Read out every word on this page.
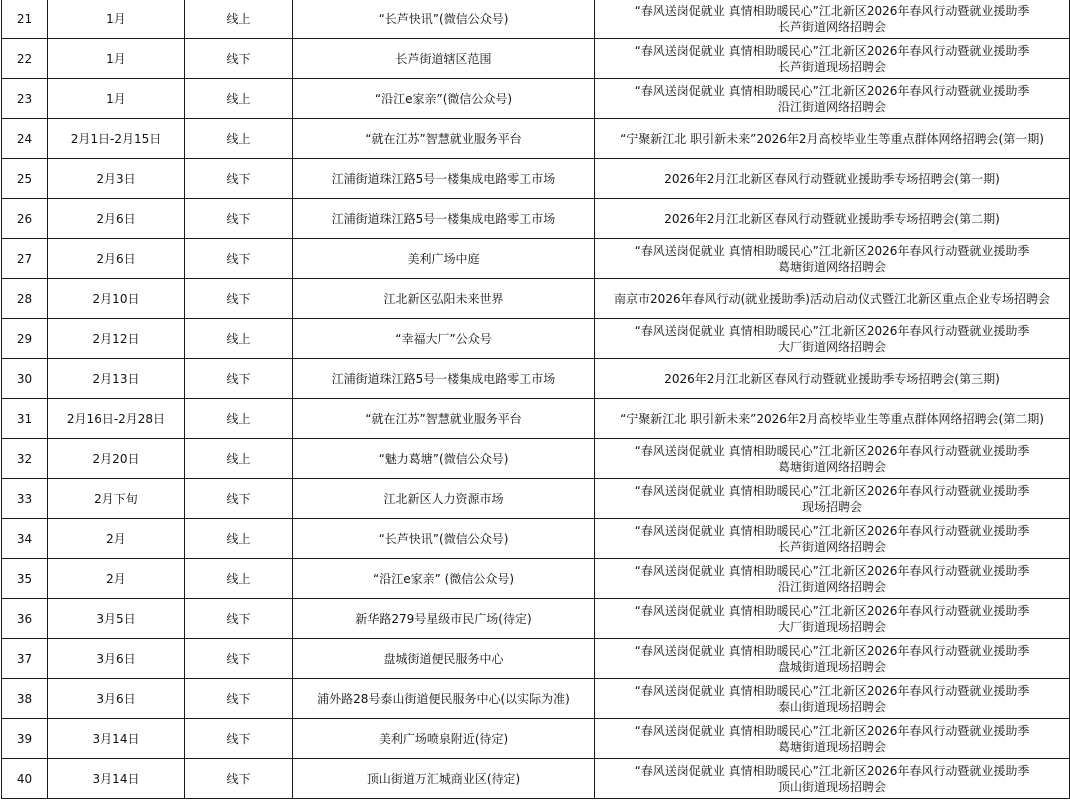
21	1月	线上	“长芦快讯”(微信公众号)	“春风送岗促就业 真情相助暖民心”江北新区2026年春风行动暨就业援助季
长芦街道网络招聘会

22	1月	线下	长芦街道辖区范围	“春风送岗促就业 真情相助暖民心”江北新区2026年春风行动暨就业援助季
长芦街道现场招聘会

23	1月	线上	“沿江e家亲”(微信公众号)	“春风送岗促就业 真情相助暖民心”江北新区2026年春风行动暨就业援助季
沿江街道网络招聘会

24	2月1日-2月15日	线上	“就在江苏”智慧就业服务平台	“宁聚新江北 职引新未来”2026年2月高校毕业生等重点群体网络招聘会(第一期)

25	2月3日	线下	江浦街道珠江路5号一楼集成电路零工市场	2026年2月江北新区春风行动暨就业援助季专场招聘会(第一期)

26	2月6日	线下	江浦街道珠江路5号一楼集成电路零工市场	2026年2月江北新区春风行动暨就业援助季专场招聘会(第二期)

27	2月6日	线下	美利广场中庭	“春风送岗促就业 真情相助暖民心”江北新区2026年春风行动暨就业援助季
葛塘街道网络招聘会

28	2月10日	线下	江北新区弘阳未来世界	南京市2026年春风行动(就业援助季)活动启动仪式暨江北新区重点企业专场招聘会

29	2月12日	线上	“幸福大厂”公众号	“春风送岗促就业 真情相助暖民心”江北新区2026年春风行动暨就业援助季
大厂街道网络招聘会

30	2月13日	线下	江浦街道珠江路5号一楼集成电路零工市场	2026年2月江北新区春风行动暨就业援助季专场招聘会(第三期)

31	2月16日-2月28日	线上	“就在江苏”智慧就业服务平台	“宁聚新江北 职引新未来”2026年2月高校毕业生等重点群体网络招聘会(第二期)

32	2月20日	线上	“魅力葛塘”(微信公众号)	“春风送岗促就业 真情相助暖民心”江北新区2026年春风行动暨就业援助季
葛塘街道网络招聘会

33	2月下旬	线下	江北新区人力资源市场	“春风送岗促就业 真情相助暖民心”江北新区2026年春风行动暨就业援助季
现场招聘会

34	2月	线上	“长芦快讯”(微信公众号)	“春风送岗促就业 真情相助暖民心”江北新区2026年春风行动暨就业援助季
长芦街道网络招聘会

35	2月	线上	“沿江e家亲” (微信公众号)	“春风送岗促就业 真情相助暖民心”江北新区2026年春风行动暨就业援助季
沿江街道网络招聘会

36	3月5日	线下	新华路279号星级市民广场(待定)	“春风送岗促就业 真情相助暖民心”江北新区2026年春风行动暨就业援助季
大厂街道现场招聘会

37	3月6日	线下	盘城街道便民服务中心	“春风送岗促就业 真情相助暖民心”江北新区2026年春风行动暨就业援助季
盘城街道现场招聘会

38	3月6日	线下	浦外路28号泰山街道便民服务中心(以实际为准)	“春风送岗促就业 真情相助暖民心”江北新区2026年春风行动暨就业援助季
泰山街道现场招聘会

39	3月14日	线下	美利广场喷泉附近(待定)	“春风送岗促就业 真情相助暖民心”江北新区2026年春风行动暨就业援助季
葛塘街道现场招聘会

40	3月14日	线下	顶山街道万汇城商业区(待定)	“春风送岗促就业 真情相助暖民心”江北新区2026年春风行动暨就业援助季
顶山街道现场招聘会
